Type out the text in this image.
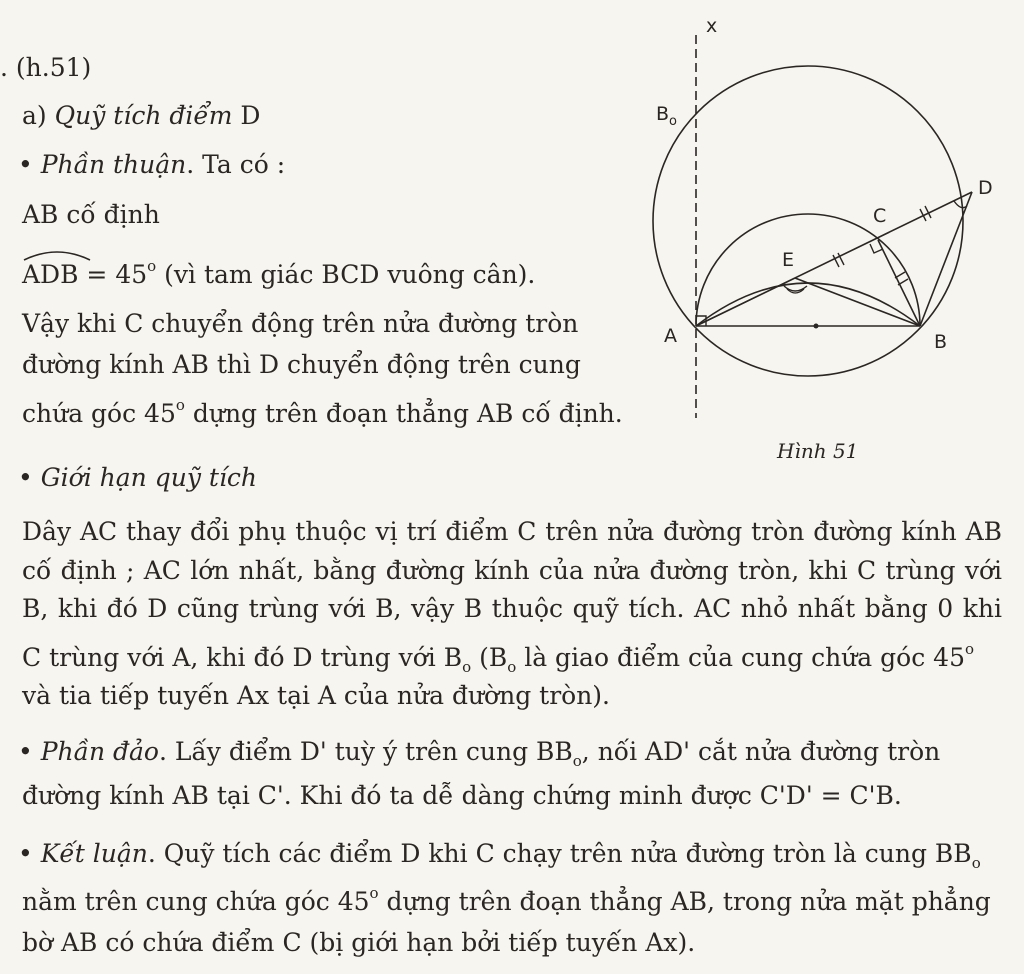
. (h.51)
a) Quỹ tích điểm D
• Phần thuận. Ta có :
AB cố định
ADB = $45^o$ (vì tam giác BCD vuông cân).
Vậy khi C chuyển động trên nửa đường tròn
đường kính AB thì D chuyển động trên cung
chứa góc 45$^o$ dựng trên đoạn thẳng AB cố định.
• Giới hạn quỹ tích
Dây AC thay đổi phụ thuộc vị trí điểm C trên nửa đường tròn đường kính AB
cố định ; AC lớn nhất, bằng đường kính của nửa đường tròn, khi C trùng với
B, khi đó D cũng trùng với B, vậy B thuộc quỹ tích. AC nhỏ nhất bằng 0 khi
C trùng với A, khi đó D trùng với $B_o$ ($B_o$ là giao điểm của cung chứa góc 45$^o$
và tia tiếp tuyến Ax tại A của nửa đường tròn).
• Phần đảo. Lấy điểm D' tuỳ ý trên cung $BB_o$, nối AD' cắt nửa đường tròn
đường kính AB tại C'. Khi đó ta dễ dàng chứng minh được C'D' = C'B.
• Kết luận. Quỹ tích các điểm D khi C chạy trên nửa đường tròn là cung $BB_o$
nằm trên cung chứa góc 45$^o$ dựng trên đoạn thẳng AB, trong nửa mặt phẳng
bờ AB có chứa điểm C (bị giới hạn bởi tiếp tuyến Ax).
x
$B_o$
C
D
E
A	B
Hình 51
